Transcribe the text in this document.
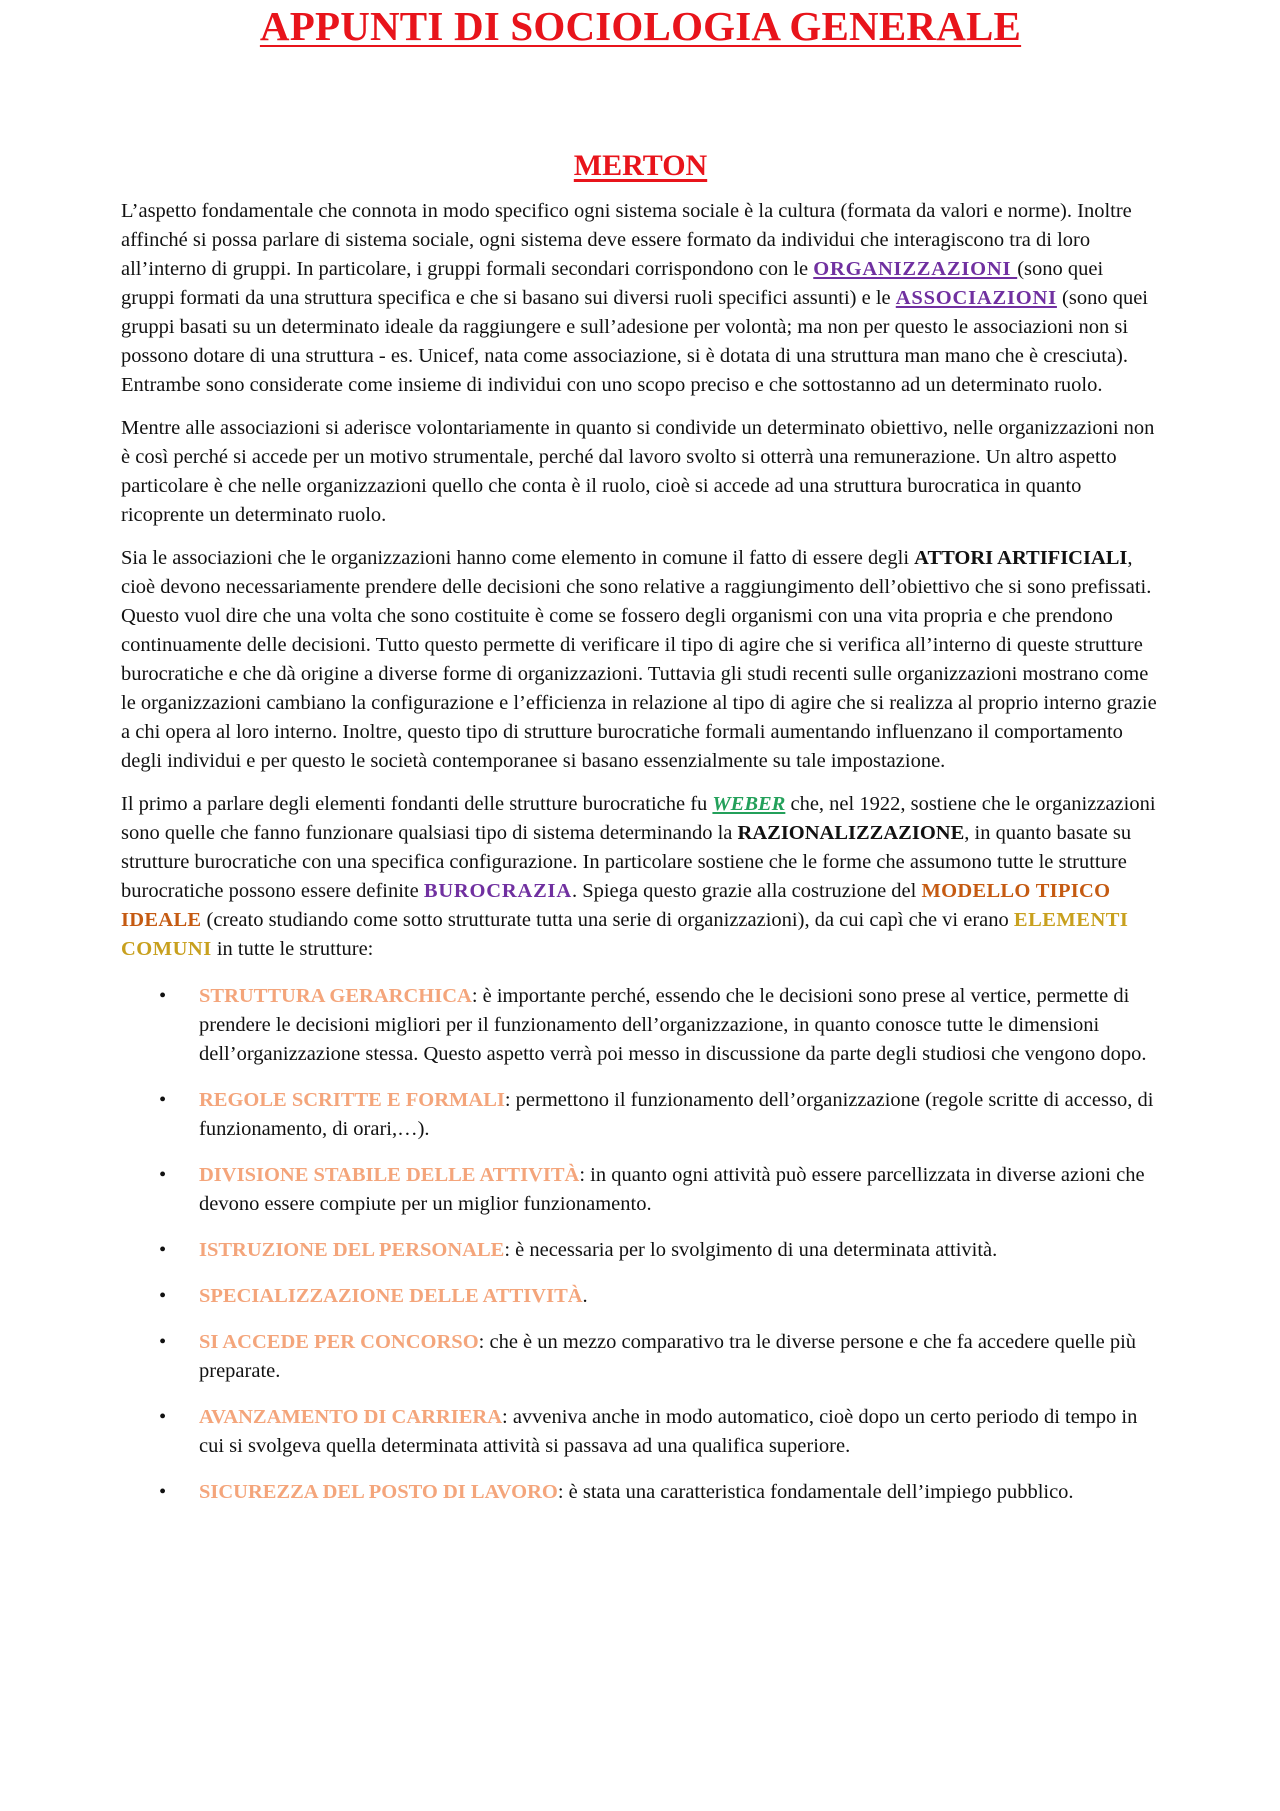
APPUNTI DI SOCIOLOGIA GENERALE
MERTON

L’aspetto fondamentale che connota in modo specifico ogni sistema sociale è la cultura (formata da valori e norme). Inoltre affinché si possa parlare di sistema sociale, ogni sistema deve essere formato da individui che interagiscono tra di loro all’interno di gruppi. In particolare, i gruppi formali secondari corrispondono con le ORGANIZZAZIONI (sono quei gruppi formati da una struttura specifica e che si basano sui diversi ruoli specifici assunti) e le ASSOCIAZIONI (sono quei gruppi basati su un determinato ideale da raggiungere e sull’adesione per volontà; ma non per questo le associazioni non si possono dotare di una struttura - es. Unicef, nata come associazione, si è dotata di una struttura man mano che è cresciuta). Entrambe sono considerate come insieme di individui con uno scopo preciso e che sottostanno ad un determinato ruolo.

Mentre alle associazioni si aderisce volontariamente in quanto si condivide un determinato obiettivo, nelle organizzazioni non è così perché si accede per un motivo strumentale, perché dal lavoro svolto si otterrà una remunerazione. Un altro aspetto particolare è che nelle organizzazioni quello che conta è il ruolo, cioè si accede ad una struttura burocratica in quanto ricoprente un determinato ruolo.

Sia le associazioni che le organizzazioni hanno come elemento in comune il fatto di essere degli ATTORI ARTIFICIALI, cioè devono necessariamente prendere delle decisioni che sono relative a raggiungimento dell’obiettivo che si sono prefissati. Questo vuol dire che una volta che sono costituite è come se fossero degli organismi con una vita propria e che prendono continuamente delle decisioni. Tutto questo permette di verificare il tipo di agire che si verifica all’interno di queste strutture burocratiche e che dà origine a diverse forme di organizzazioni. Tuttavia gli studi recenti sulle organizzazioni mostrano come le organizzazioni cambiano la configurazione e l’efficienza in relazione al tipo di agire che si realizza al proprio interno grazie a chi opera al loro interno. Inoltre, questo tipo di strutture burocratiche formali aumentando influenzano il comportamento degli individui e per questo le società contemporanee si basano essenzialmente su tale impostazione.

Il primo a parlare degli elementi fondanti delle strutture burocratiche fu WEBER che, nel 1922, sostiene che le organizzazioni sono quelle che fanno funzionare qualsiasi tipo di sistema determinando la RAZIONALIZZAZIONE, in quanto basate su strutture burocratiche con una specifica configurazione. In particolare sostiene che le forme che assumono tutte le strutture burocratiche possono essere definite BUROCRAZIA. Spiega questo grazie alla costruzione del MODELLO TIPICO IDEALE (creato studiando come sotto strutturate tutta una serie di organizzazioni), da cui capì che vi erano ELEMENTI COMUNI in tutte le strutture:

• STRUTTURA GERARCHICA: è importante perché, essendo che le decisioni sono prese al vertice, permette di prendere le decisioni migliori per il funzionamento dell’organizzazione, in quanto conosce tutte le dimensioni dell’organizzazione stessa. Questo aspetto verrà poi messo in discussione da parte degli studiosi che vengono dopo.
• REGOLE SCRITTE E FORMALI: permettono il funzionamento dell’organizzazione (regole scritte di accesso, di funzionamento, di orari,…).
• DIVISIONE STABILE DELLE ATTIVITÀ: in quanto ogni attività può essere parcellizzata in diverse azioni che devono essere compiute per un miglior funzionamento.
• ISTRUZIONE DEL PERSONALE: è necessaria per lo svolgimento di una determinata attività.
• SPECIALIZZAZIONE DELLE ATTIVITÀ.
• SI ACCEDE PER CONCORSO: che è un mezzo comparativo tra le diverse persone e che fa accedere quelle più preparate.
• AVANZAMENTO DI CARRIERA: avveniva anche in modo automatico, cioè dopo un certo periodo di tempo in cui si svolgeva quella determinata attività si passava ad una qualifica superiore.
• SICUREZZA DEL POSTO DI LAVORO: è stata una caratteristica fondamentale dell’impiego pubblico.
